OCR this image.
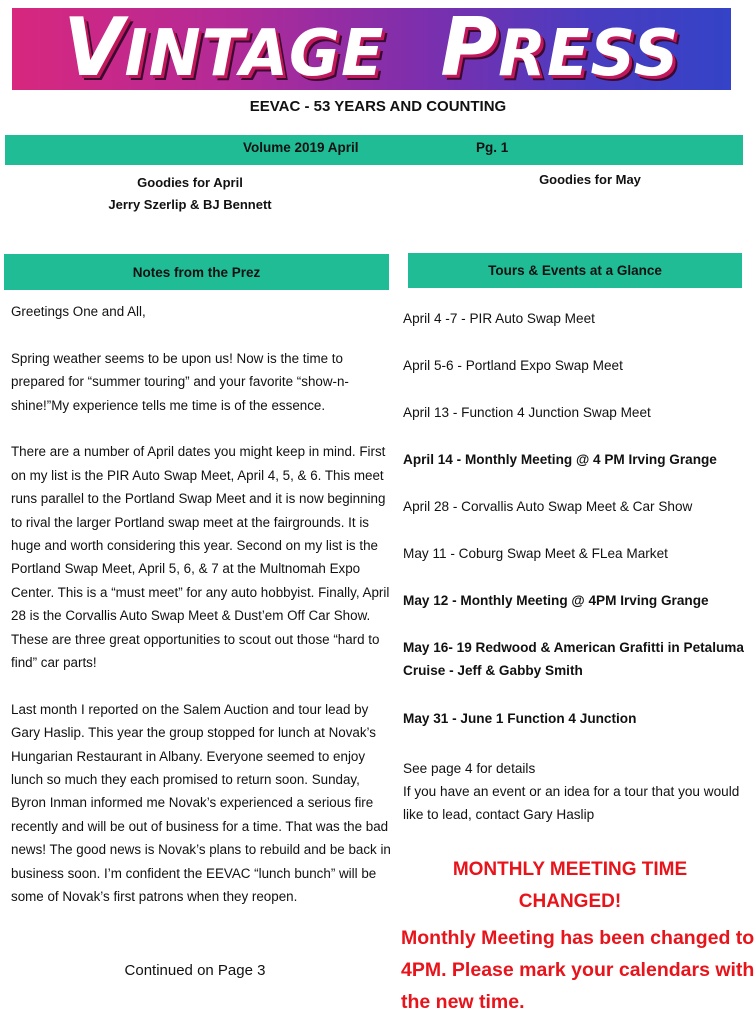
VINTAGE PRESS
EEVAC - 53 YEARS AND COUNTING
Volume 2019 April	Pg. 1
Goodies for April
Jerry Szerlip & BJ Bennett
Goodies for May
Notes from the Prez	Tours & Events at a Glance

Greetings One and All,

Spring weather seems to be upon us! Now is the time to prepared for “summer touring” and your favorite “show-n-shine!”My experience tells me time is of the essence.

There are a number of April dates you might keep in mind. First on my list is the PIR Auto Swap Meet, April 4, 5, & 6. This meet runs parallel to the Portland Swap Meet and it is now beginning to rival the larger Portland swap meet at the fairgrounds. It is huge and worth considering this year. Second on my list is the Portland Swap Meet, April 5, 6, & 7 at the Multnomah Expo Center. This is a “must meet” for any auto hobbyist. Finally, April 28 is the Corvallis Auto Swap Meet & Dust’em Off Car Show. These are three great opportunities to scout out those “hard to find” car parts!

Last month I reported on the Salem Auction and tour lead by Gary Haslip. This year the group stopped for lunch at Novak’s Hungarian Restaurant in Albany. Everyone seemed to enjoy lunch so much they each promised to return soon. Sunday, Byron Inman informed me Novak’s experienced a serious fire recently and will be out of business for a time. That was the bad news! The good news is Novak’s plans to rebuild and be back in business soon. I’m confident the EEVAC “lunch bunch” will be some of Novak’s first patrons when they reopen.

Continued on Page 3
April 4 -7 - PIR Auto Swap Meet
April 5-6 - Portland Expo Swap Meet
April 13 - Function 4 Junction Swap Meet
April 14 - Monthly Meeting @ 4 PM Irving Grange
April 28 - Corvallis Auto Swap Meet & Car Show
May 11 - Coburg Swap Meet & FLea Market
May 12 - Monthly Meeting @ 4PM Irving Grange
May 16- 19 Redwood & American Grafitti in Petaluma
Cruise - Jeff & Gabby Smith
May 31 - June 1 Function 4 Junction
See page 4 for details
If you have an event or an idea for a tour that you would like to lead, contact Gary Haslip
MONTHLY MEETING TIME
CHANGED!
Monthly Meeting has been changed to 4PM. Please mark your calendars with the new time.
